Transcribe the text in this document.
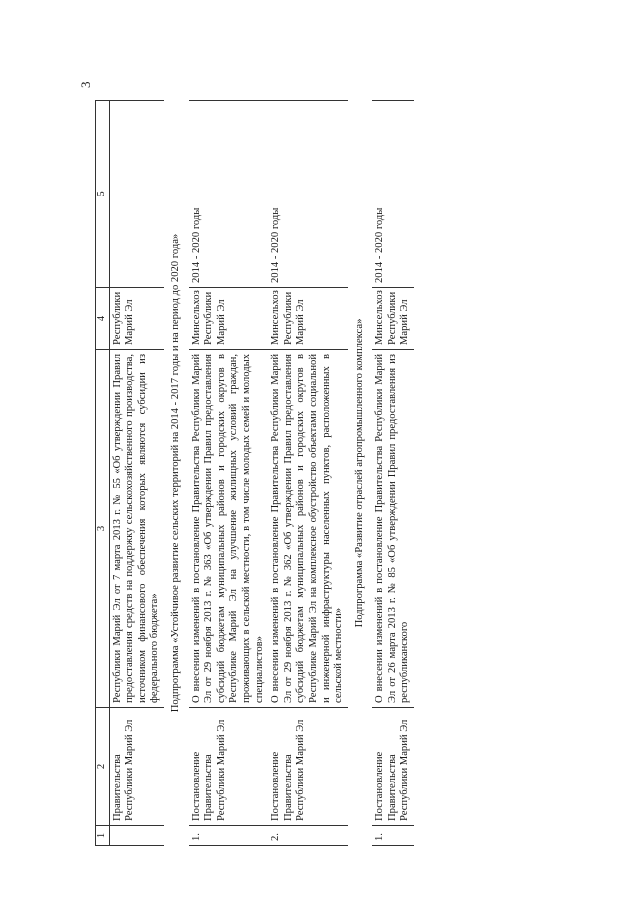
3
1	2	3	4	5
	Правительства Республики Марий Эл	Республики Марий Эл от 7 марта 2013 г. № 55 «Об утверждении Правил предоставления средств на поддержку сельскохозяйственного производства, источником финансового обеспечения которых являются субсидии из федерального бюджета»	Республики Марий Эл	
Подпрограмма «Устойчивое развитие сельских территорий на 2014 - 2017 годы и на период до 2020 года»				
1.	Постановление Правительства Республики Марий Эл	О внесении изменений в постановление Правительства Республики Марий Эл от 29 ноября 2013 г. № 363 «Об утверждении Правил предоставления субсидий бюджетам муниципальных районов и городских округов в Республике Марий Эл на улучшение жилищных условий граждан, проживающих в сельской местности, в том числе молодых семей и молодых специалистов»	Минсельхоз Республики Марий Эл	2014 - 2020 годы
2.	Постановление Правительства Республики Марий Эл	О внесении изменений в постановление Правительства Республики Марий Эл от 29 ноября 2013 г. № 362 «Об утверждении Правил предоставления субсидий бюджетам муниципальных районов и городских округов в Республике Марий Эл на комплексное обустройство объектами социальной и инженерной инфраструктуры населенных пунктов, расположенных в сельской местности»	Минсельхоз Республики Марий Эл	2014 - 2020 годы
Подпрограмма «Развитие отраслей агропромышленного комплекса»				
1.	Постановление Правительства Республики Марий Эл	О внесении изменений в постановление Правительства Республики Марий Эл от 26 марта 2013 г. № 85 «Об утверждении Правил предоставления из республиканского	Минсельхоз Республики Марий Эл	2014 - 2020 годы
